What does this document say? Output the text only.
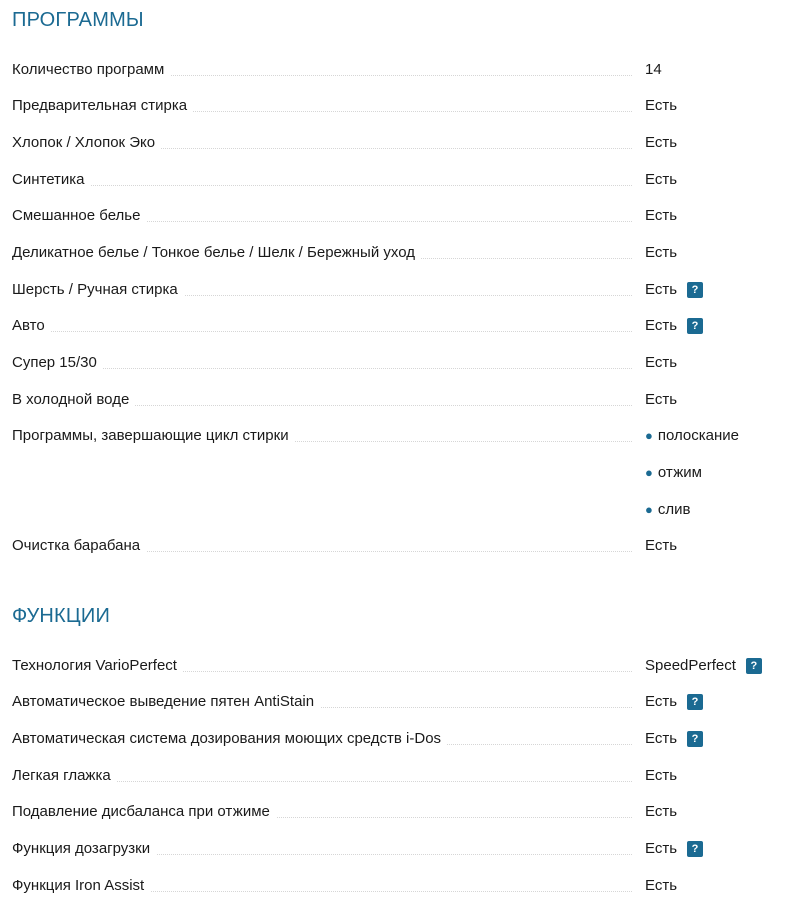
ПРОГРАММЫ
Количество программ	14
Предварительная стирка	Есть
Хлопок / Хлопок Эко	Есть
Синтетика	Есть
Смешанное белье	Есть
Деликатное белье / Тонкое белье / Шелк / Бережный уход	Есть
Шерсть / Ручная стирка	Есть	?
Авто	Есть	?
Супер 15/30	Есть
В холодной воде	Есть
Программы, завершающие цикл стирки	● полоскание
● отжим
● слив
Очистка барабана	Есть
ФУНКЦИИ
Технология VarioPerfect	SpeedPerfect	?
Автоматическое выведение пятен AntiStain	Есть	?
Автоматическая система дозирования моющих средств i-Dos	Есть	?
Легкая глажка	Есть
Подавление дисбаланса при отжиме	Есть
Функция дозагрузки	Есть	?
Функция Iron Assist	Есть
